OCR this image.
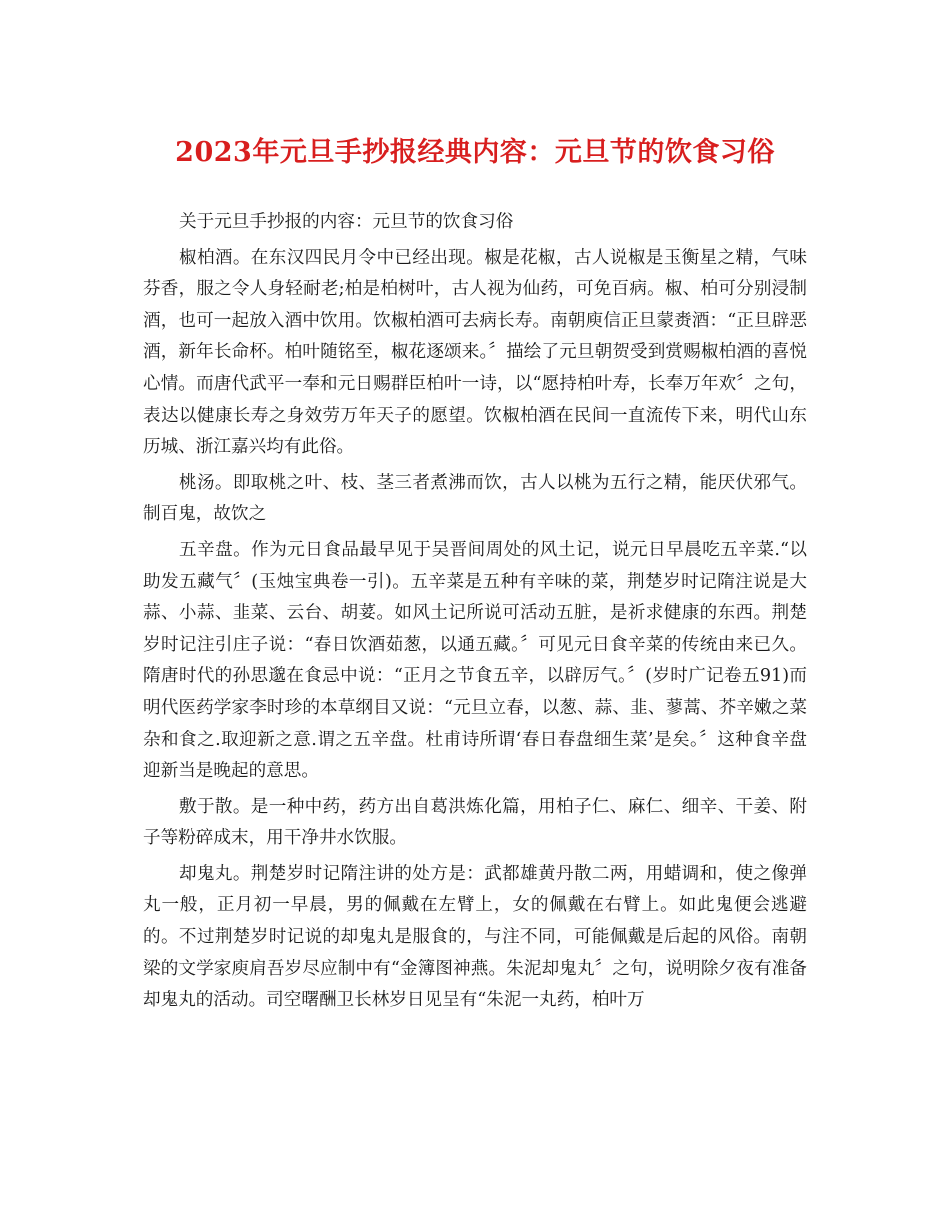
2023年元旦手抄报经典内容：元旦节的饮食习俗

关于元旦手抄报的内容：元旦节的饮食习俗

椒柏酒。在东汉四民月令中已经出现。椒是花椒，古人说椒是玉衡星之精，气味芬香，服之令人身轻耐老;柏是柏树叶，古人视为仙药，可免百病。椒、柏可分别浸制酒，也可一起放入酒中饮用。饮椒柏酒可去病长寿。南朝庾信正旦蒙赉酒：“正旦辟恶酒，新年长命杯。柏叶随铭至，椒花逐颂来。〞描绘了元旦朝贺受到赏赐椒柏酒的喜悦心情。而唐代武平一奉和元日赐群臣柏叶一诗，以“愿持柏叶寿，长奉万年欢〞之句，表达以健康长寿之身效劳万年天子的愿望。饮椒柏酒在民间一直流传下来，明代山东历城、浙江嘉兴均有此俗。

桃汤。即取桃之叶、枝、茎三者煮沸而饮，古人以桃为五行之精，能厌伏邪气。制百鬼，故饮之

五辛盘。作为元日食品最早见于吴晋间周处的风土记，说元日早晨吃五辛菜.“以助发五藏气〞(玉烛宝典卷一引)。五辛菜是五种有辛味的菜，荆楚岁时记隋注说是大蒜、小蒜、韭菜、云台、胡荽。如风土记所说可活动五脏，是祈求健康的东西。荆楚岁时记注引庄子说：“春日饮酒茹葱，以通五藏。〞可见元日食辛菜的传统由来已久。隋唐时代的孙思邈在食忌中说：“正月之节食五辛，以辟厉气。〞(岁时广记卷五91)而明代医药学家李时珍的本草纲目又说：“元旦立春，以葱、蒜、韭、蓼蒿、芥辛嫩之菜杂和食之.取迎新之意.谓之五辛盘。杜甫诗所谓‘春日春盘细生菜’是矣。〞这种食辛盘迎新当是晚起的意思。

敷于散。是一种中药，药方出自葛洪炼化篇，用柏子仁、麻仁、细辛、干姜、附子等粉碎成末，用干净井水饮服。

却鬼丸。荆楚岁时记隋注讲的处方是：武都雄黄丹散二两，用蜡调和，使之像弹丸一般，正月初一早晨，男的佩戴在左臂上，女的佩戴在右臂上。如此鬼便会逃避的。不过荆楚岁时记说的却鬼丸是服食的，与注不同，可能佩戴是后起的风俗。南朝梁的文学家庾肩吾岁尽应制中有“金簿图神燕。朱泥却鬼丸〞之句，说明除夕夜有准备却鬼丸的活动。司空曙酬卫长林岁日见呈有“朱泥一丸药，柏叶万
